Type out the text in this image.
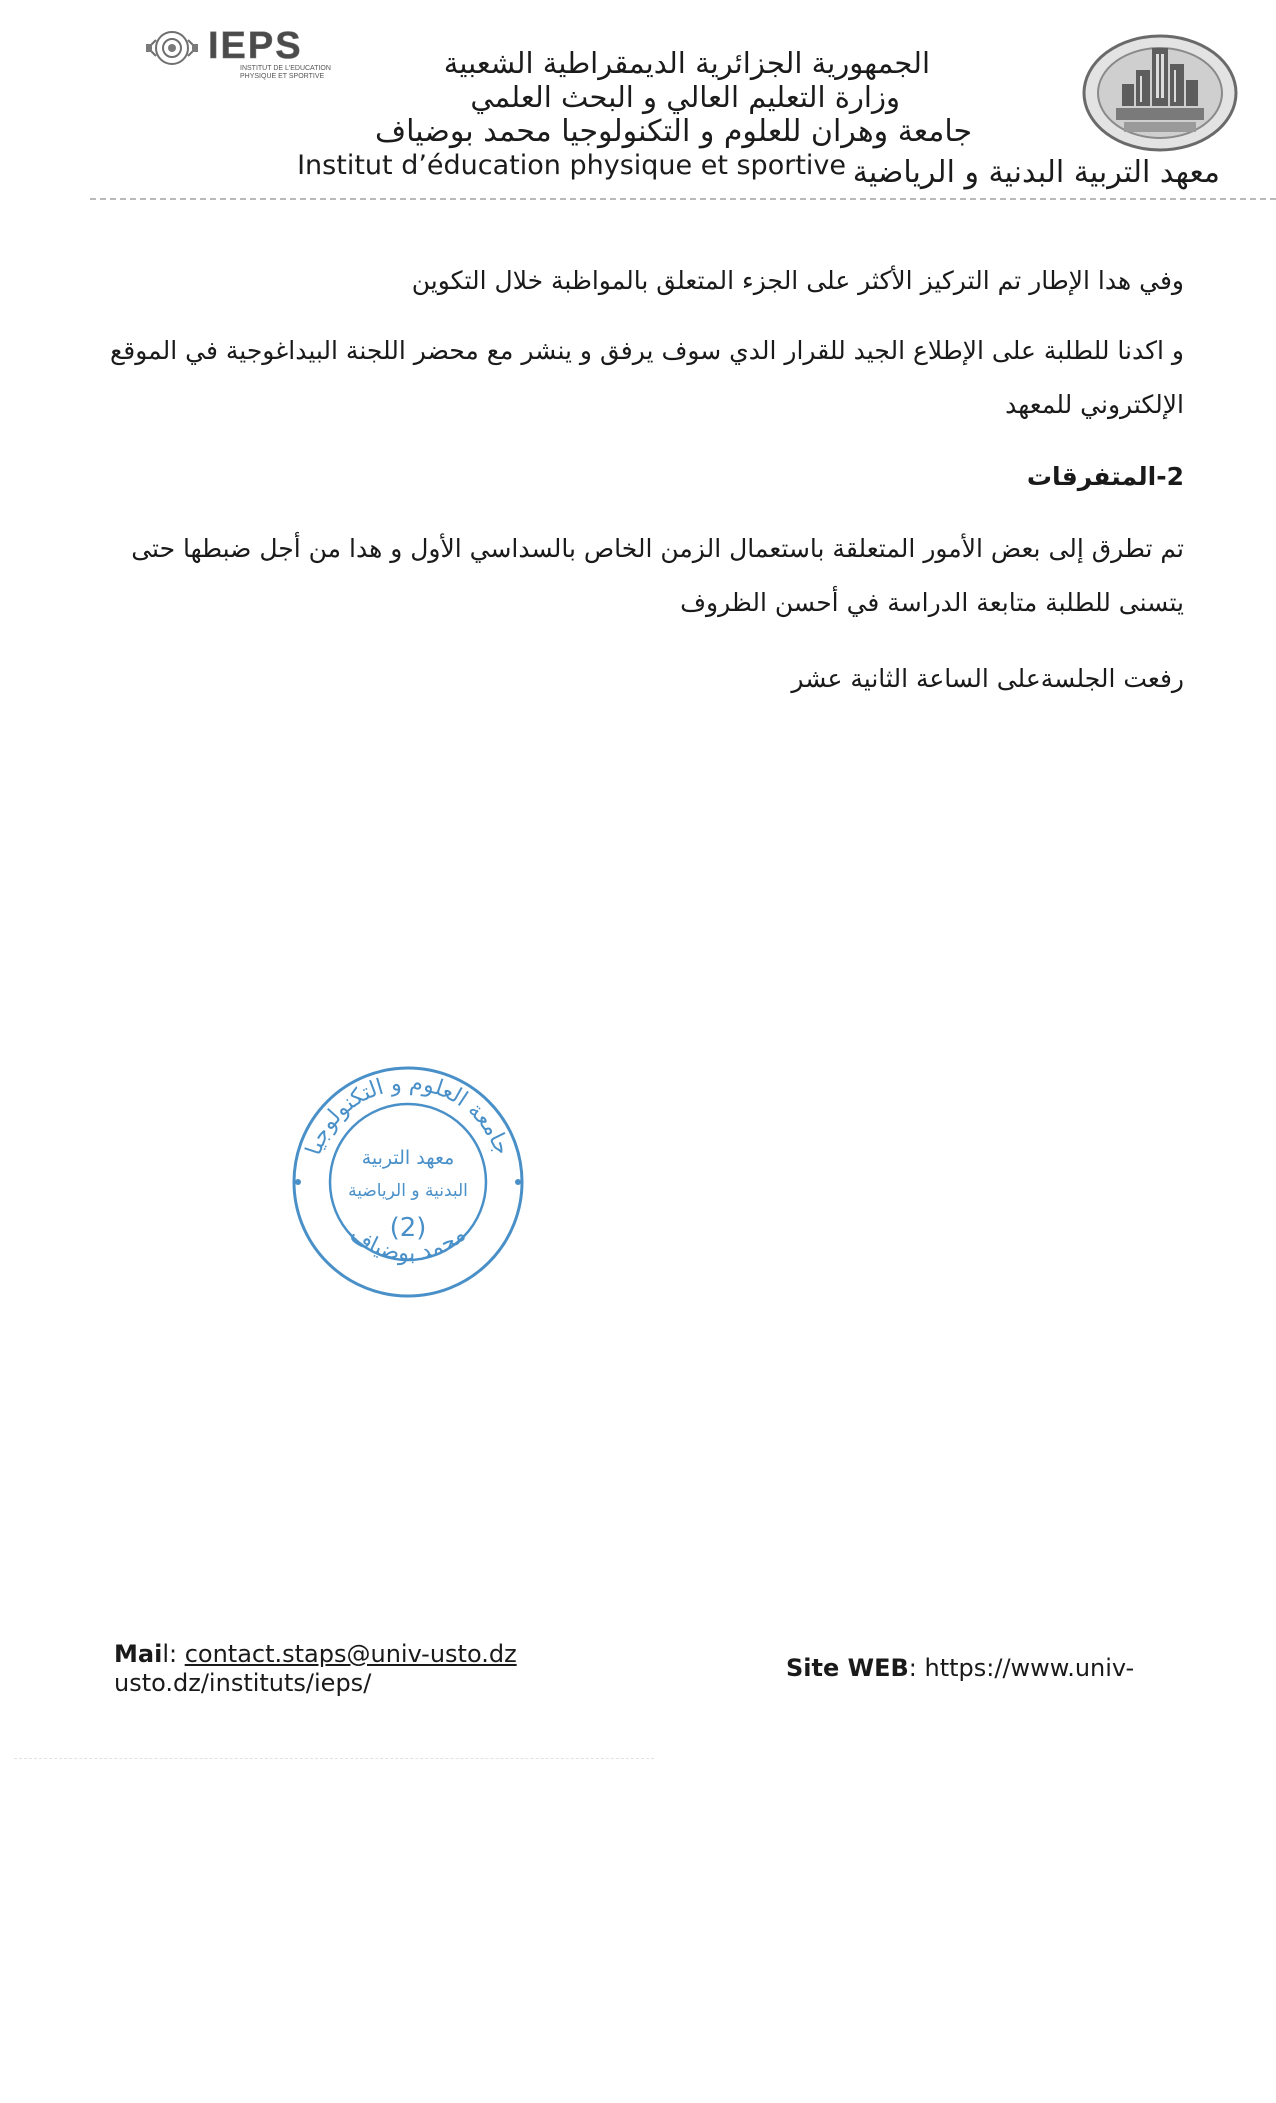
IEPS
INSTITUT DE L'EDUCATION
PHYSIQUE ET SPORTIVE	الجمهورية الجزائرية الديمقراطية الشعبية
وزارة التعليم العالي و البحث العلمي
جامعة وهران للعلوم و التكنولوجيا محمد بوضياف
Institut d’éducation physique et sportive معهد التربية البدنية و الرياضية
وفي هدا الإطار تم التركيز الأكثر على الجزء المتعلق بالمواظبة خلال التكوين
و اكدنا للطلبة على الإطلاع الجيد للقرار الدي سوف يرفق و ينشر مع محضر اللجنة البيداغوجية في الموقع
الإلكتروني للمعهد
2-المتفرقات
تم تطرق إلى بعض الأمور المتعلقة باستعمال الزمن الخاص بالسداسي الأول و هدا من أجل ضبطها حتى
يتسنى للطلبة متابعة الدراسة في أحسن الظروف
رفعت الجلسةعلى الساعة الثانية عشر
جامعة العلوم و التكنولوجيا
محمد بوضياف
معهد التربية
البدنية و الرياضية
(2)
Mail: contact.staps@univ-usto.dz
usto.dz/instituts/ieps/
Site WEB: https://www.univ-
